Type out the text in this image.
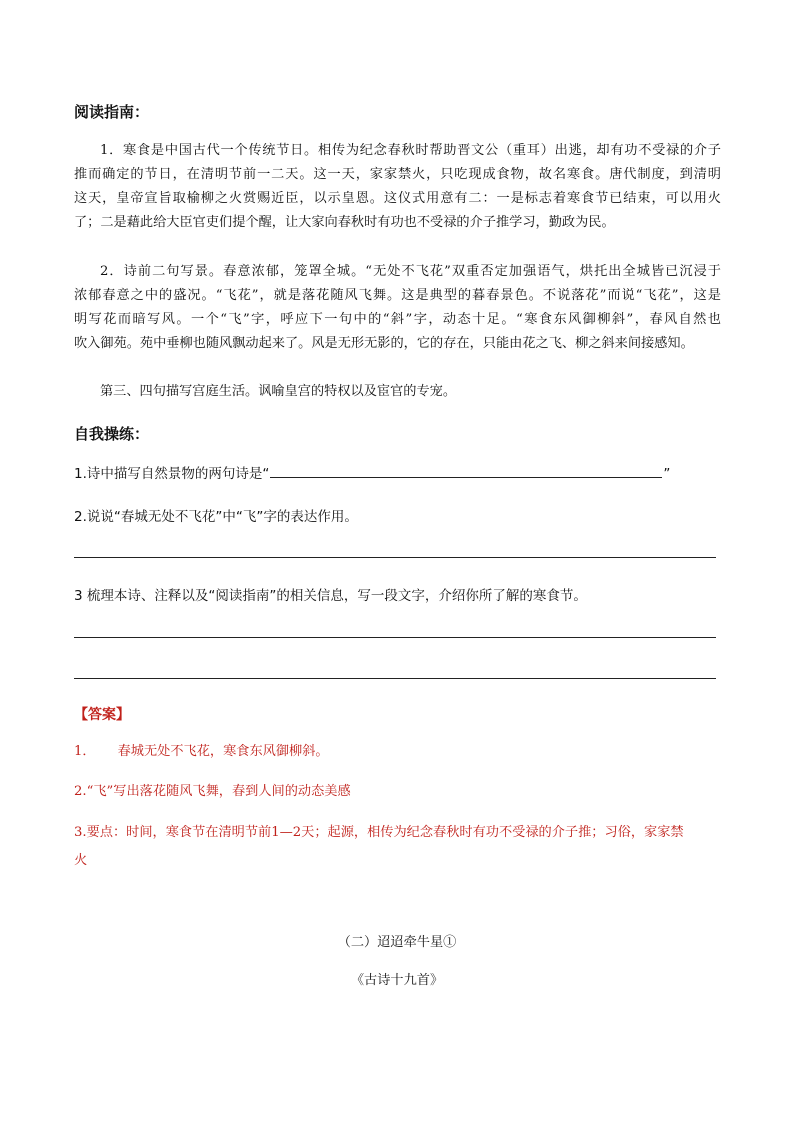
阅读指南：
1．寒食是中国古代一个传统节日。相传为纪念春秋时帮助晋文公（重耳）出逃，却有功不受禄的介子
推而确定的节日，在清明节前一二天。这一天，家家禁火，只吃现成食物，故名寒食。唐代制度，到清明
这天，皇帝宣旨取榆柳之火赏赐近臣，以示皇恩。这仪式用意有二：一是标志着寒食节已结束，可以用火
了；二是藉此给大臣官吏们提个醒，让大家向春秋时有功也不受禄的介子推学习，勤政为民。
2．诗前二句写景。春意浓郁，笼罩全城。“无处不飞花”双重否定加强语气，烘托出全城皆已沉浸于
浓郁春意之中的盛况。“飞花”，就是落花随风飞舞。这是典型的暮春景色。不说落花”而说“飞花”，这是
明写花而暗写风。一个“飞”字，呼应下一句中的“斜”字，动态十足。“寒食东风御柳斜”，春风自然也
吹入御苑。苑中垂柳也随风飘动起来了。风是无形无影的，它的存在，只能由花之飞、柳之斜来间接感知。
第三、四句描写宫庭生活。讽喻皇宫的特权以及宦官的专宠。
自我操练：
1.诗中描写自然景物的两句诗是“	”
2.说说“春城无处不飞花”中“飞”字的表达作用。
3 梳理本诗、注释以及“阅读指南”的相关信息，写一段文字，介绍你所了解的寒食节。
【答案】
1． 春城无处不飞花，寒食东风御柳斜。
2.“飞”写出落花随风飞舞，春到人间的动态美感
3.要点：时间，寒食节在清明节前1—2天；起源，相传为纪念春秋时有功不受禄的介子推；习俗，家家禁
火
（二）迢迢牵牛星①
《古诗十九首》
